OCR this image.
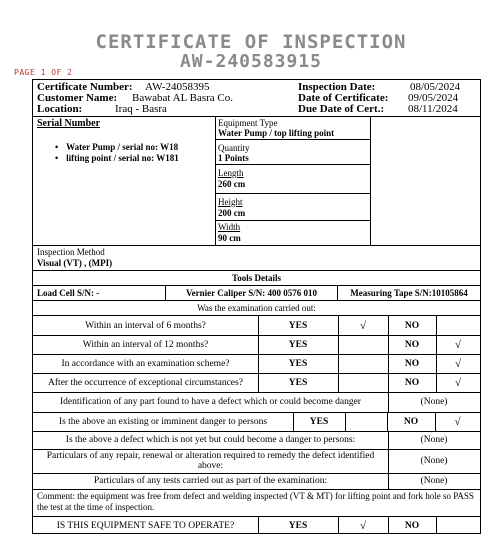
CERTIFICATE OF INSPECTION
AW-240583915
PAGE 1 OF 2
Certificate Number: AW-24058395
Customer Name: Bawabat AL Basra Co.
Location:	Iraq - Basra
Inspection Date:	08/05/2024
Date of Certificate: 09/05/2024
Due Date of Cert.: 08/11/2024
Serial Number
• Water Pump / serial no: W18
• lifting point / serial no: W181
Equipment Type
Water Pump / top lifting point
Quantity
1 Points
Length
260 cm
Height
200 cm
Width
90 cm
Inspection Method
Visual (VT) , (MPI)
Tools Details
Load Cell S/N: -	Vernier Caliper S/N: 400 0576 010	Measuring Tape S/N:10105864
Was the examination carried out:
Within an interval of 6 months?	YES	√	NO
Within an interval of 12 months?	YES	NO	√
In accordance with an examination scheme?	YES	NO	√
After the occurrence of exceptional circumstances?	YES	NO	√
Identification of any part found to have a defect which or could become danger	(None)
Is the above an existing or imminent danger to persons	YES	NO	√
Is the above a defect which is not yet but could become a danger to persons:	(None)
Particulars of any repair, renewal or alteration required to remedy the defect identified above:	(None)
Particulars of any tests carried out as part of the examination:	(None)
Comment: the equipment was free from defect and welding inspected (VT & MT) for lifting point and fork hole so PASS the test at the time of inspection.
IS THIS EQUIPMENT SAFE TO OPERATE?	YES	√	NO
